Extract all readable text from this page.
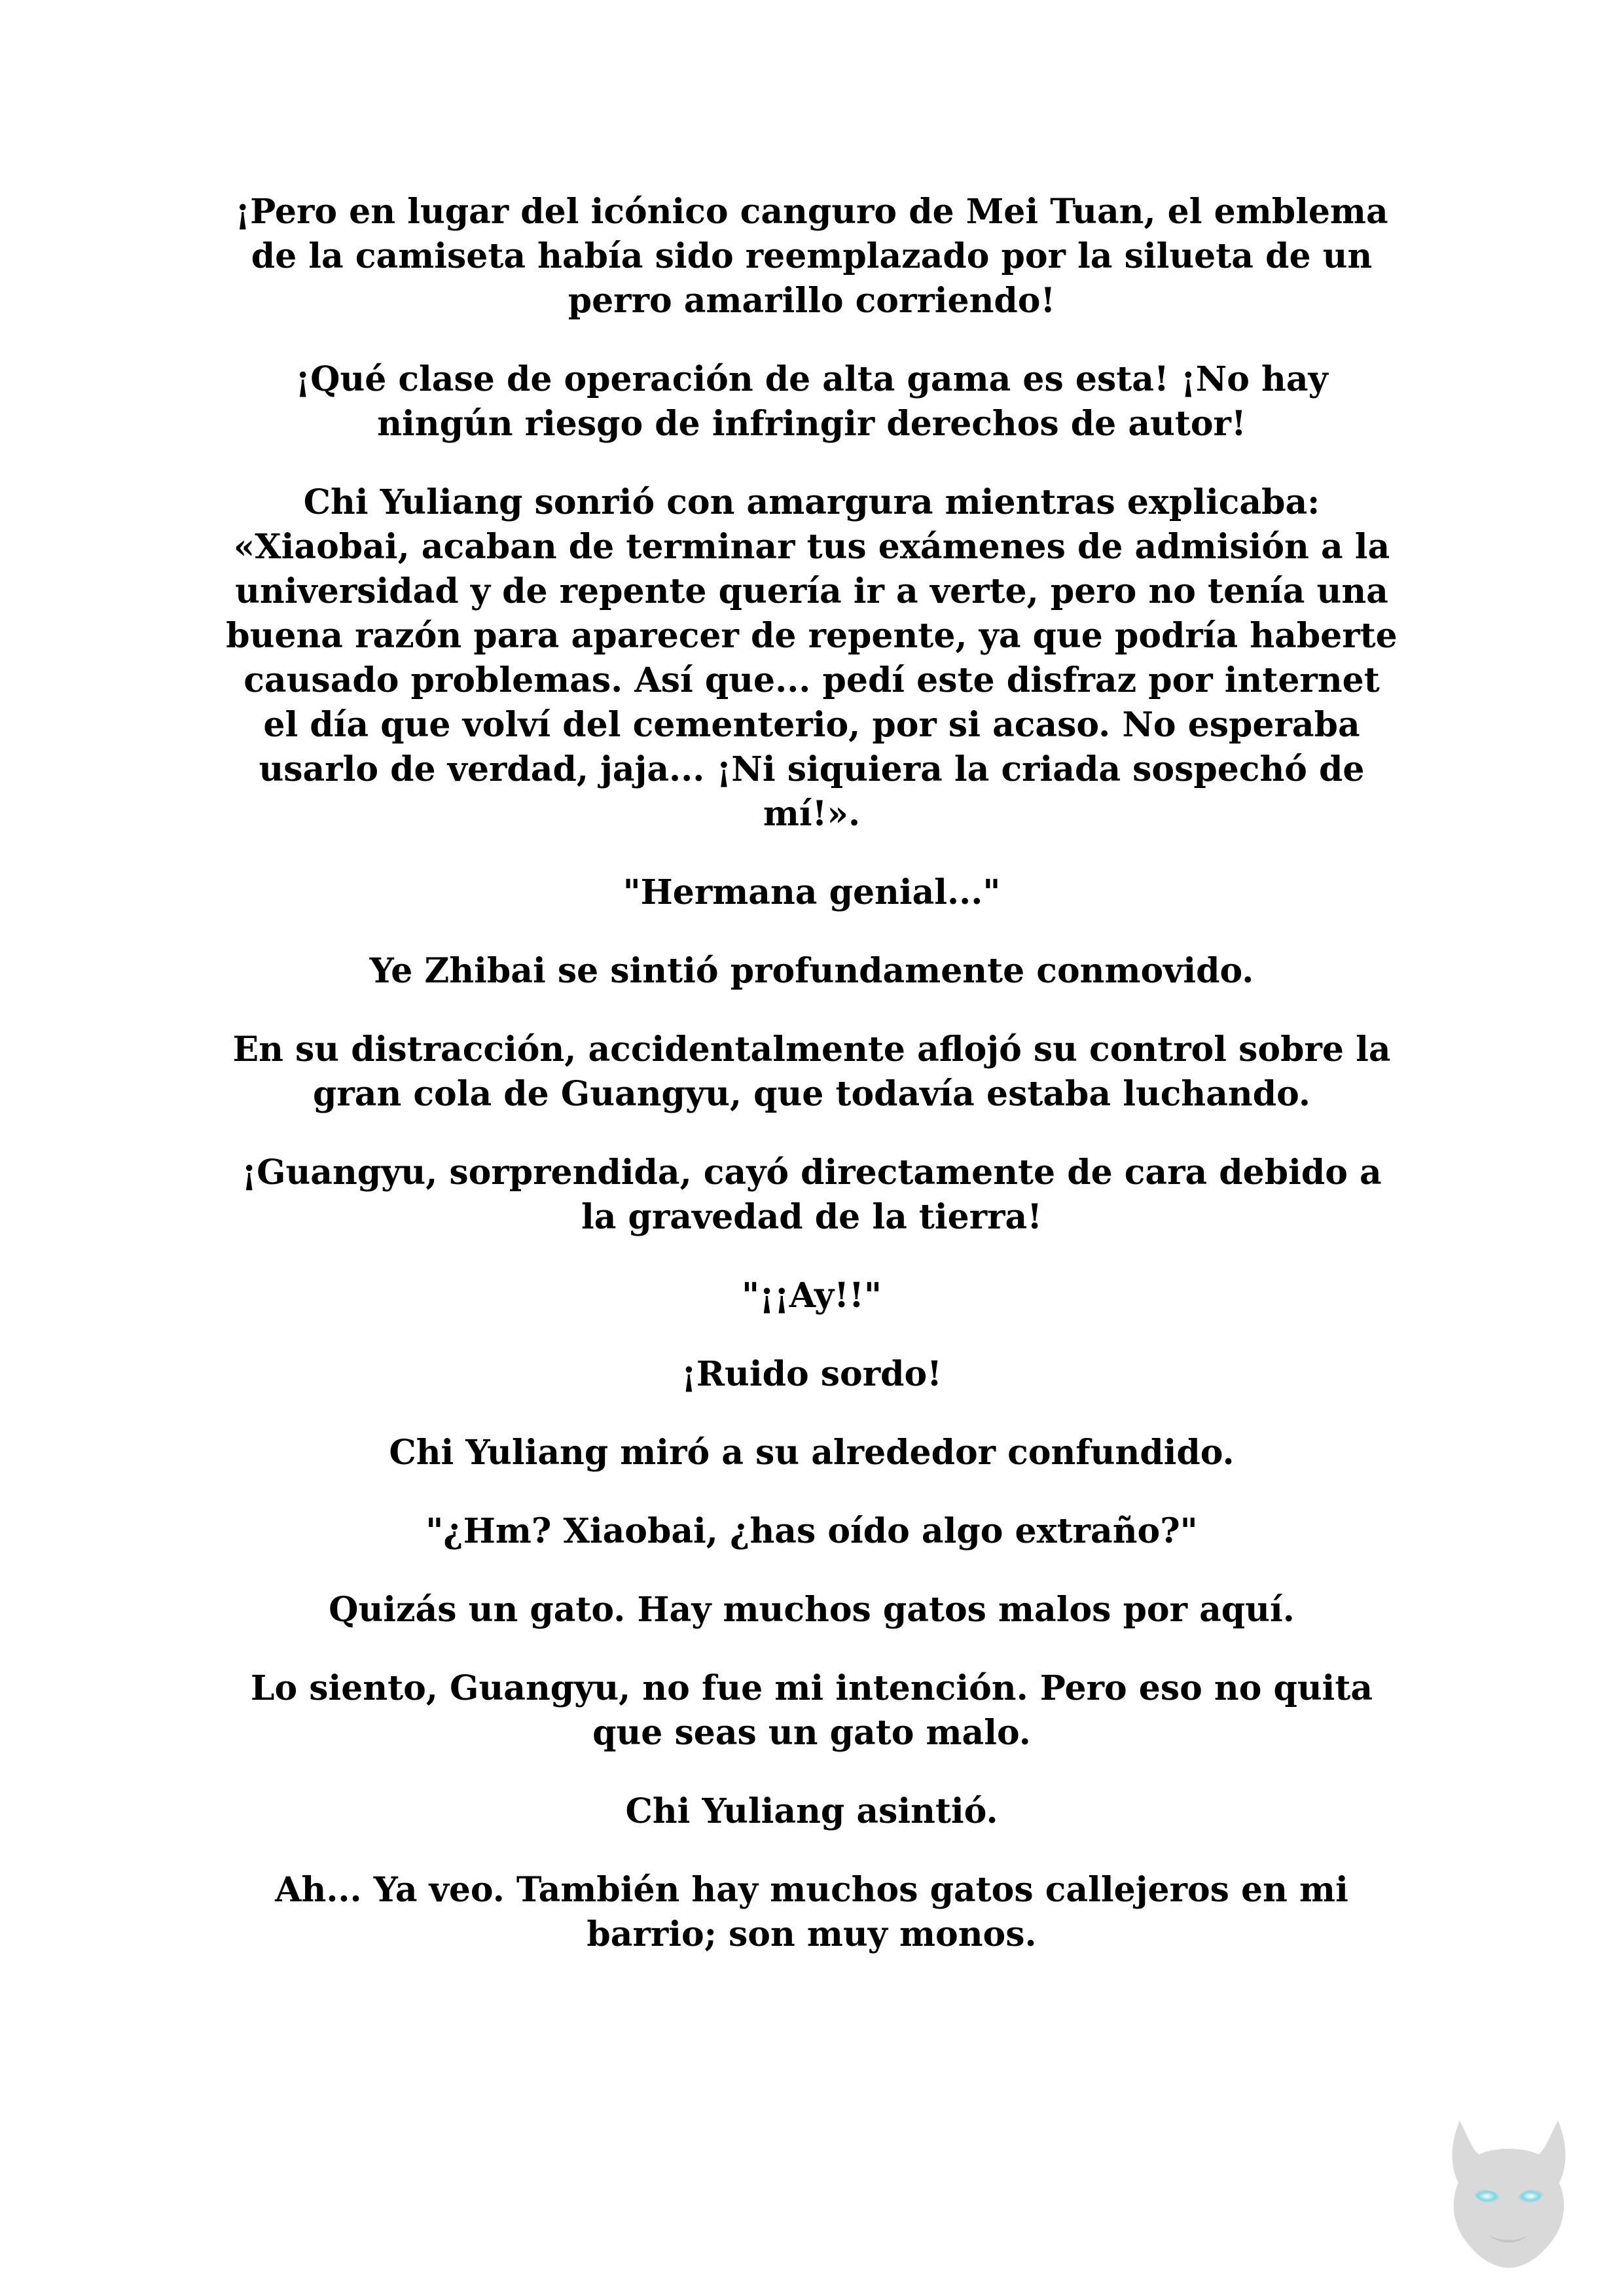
¡Pero en lugar del icónico canguro de Mei Tuan, el emblema de la camiseta había sido reemplazado por la silueta de un perro amarillo corriendo!

¡Qué clase de operación de alta gama es esta! ¡No hay ningún riesgo de infringir derechos de autor!

Chi Yuliang sonrió con amargura mientras explicaba: «Xiaobai, acaban de terminar tus exámenes de admisión a la universidad y de repente quería ir a verte, pero no tenía una buena razón para aparecer de repente, ya que podría haberte causado problemas. Así que... pedí este disfraz por internet el día que volví del cementerio, por si acaso. No esperaba usarlo de verdad, jaja... ¡Ni siquiera la criada sospechó de mí!».

"Hermana genial..."

Ye Zhibai se sintió profundamente conmovido.

En su distracción, accidentalmente aflojó su control sobre la gran cola de Guangyu, que todavía estaba luchando.

¡Guangyu, sorprendida, cayó directamente de cara debido a la gravedad de la tierra!

"¡¡Ay!!"

¡Ruido sordo!

Chi Yuliang miró a su alrededor confundido.

"¿Hm? Xiaobai, ¿has oído algo extraño?"

Quizás un gato. Hay muchos gatos malos por aquí.

Lo siento, Guangyu, no fue mi intención. Pero eso no quita que seas un gato malo.

Chi Yuliang asintió.

Ah... Ya veo. También hay muchos gatos callejeros en mi barrio; son muy monos.
